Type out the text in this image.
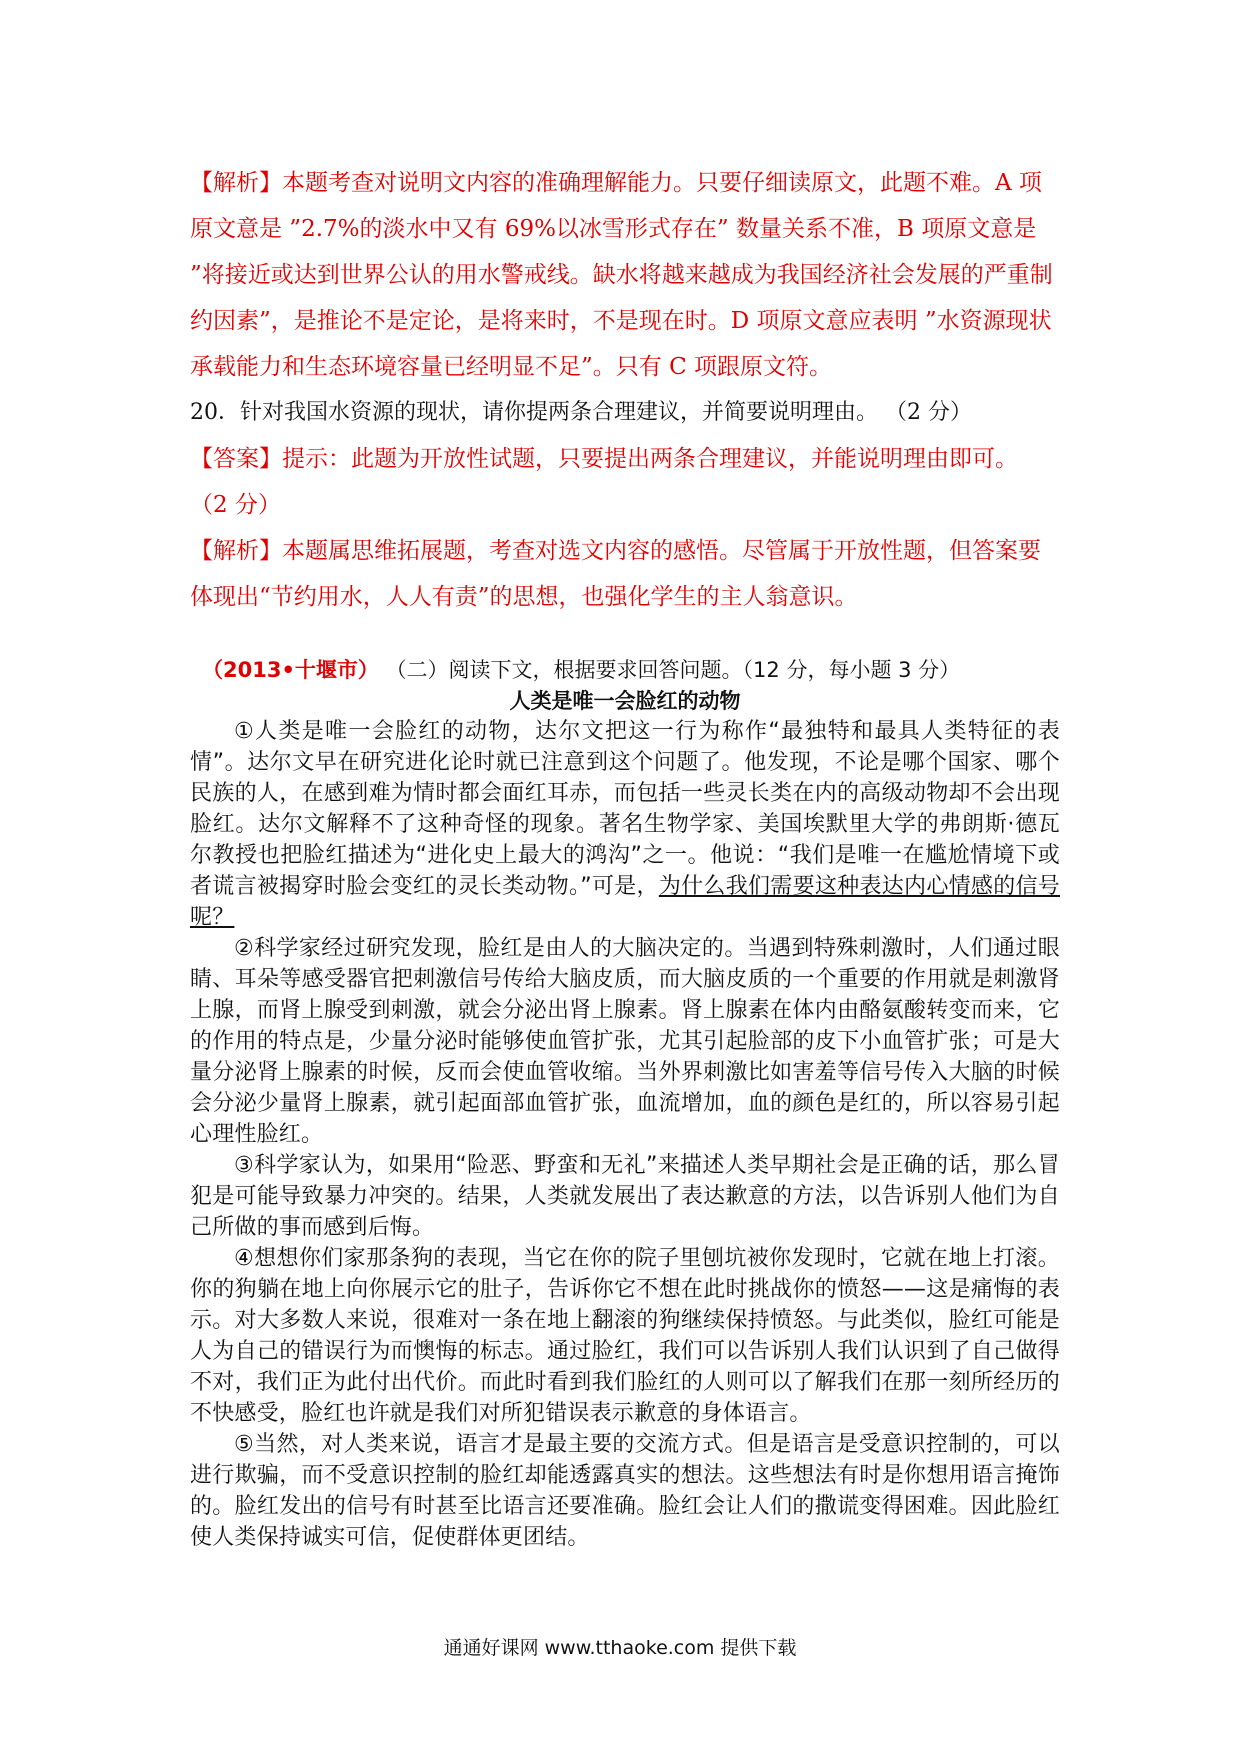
【解析】本题考查对说明文内容的准确理解能力。只要仔细读原文，此题不难。A 项原文意是 ”2.7%的淡水中又有 69%以冰雪形式存在” 数量关系不准，B 项原文意是 ”将接近或达到世界公认的用水警戒线。缺水将越来越成为我国经济社会发展的严重制约因素”，是推论不是定论，是将来时，不是现在时。D 项原文意应表明 ”水资源现状承载能力和生态环境容量已经明显不足”。只有 C 项跟原文符。

20．针对我国水资源的现状，请你提两条合理建议，并简要说明理由。 （2 分）

【答案】提示：此题为开放性试题，只要提出两条合理建议，并能说明理由即可。 （2 分）

【解析】本题属思维拓展题，考查对选文内容的感悟。尽管属于开放性题，但答案要体现出“节约用水，人人有责”的思想，也强化学生的主人翁意识。

（2013•十堰市） （二）阅读下文，根据要求回答问题。（12 分，每小题 3 分）

人类是唯一会脸红的动物

①人类是唯一会脸红的动物，达尔文把这一行为称作“最独特和最具人类特征的表情”。达尔文早在研究进化论时就已注意到这个问题了。他发现，不论是哪个国家、哪个民族的人，在感到难为情时都会面红耳赤，而包括一些灵长类在内的高级动物却不会出现脸红。达尔文解释不了这种奇怪的现象。著名生物学家、美国埃默里大学的弗朗斯·德瓦尔教授也把脸红描述为“进化史上最大的鸿沟”之一。他说：“我们是唯一在尴尬情境下或者谎言被揭穿时脸会变红的灵长类动物。”可是，为什么我们需要这种表达内心情感的信号呢？

②科学家经过研究发现，脸红是由人的大脑决定的。当遇到特殊刺激时，人们通过眼睛、耳朵等感受器官把刺激信号传给大脑皮质，而大脑皮质的一个重要的作用就是刺激肾上腺，而肾上腺受到刺激，就会分泌出肾上腺素。肾上腺素在体内由酪氨酸转变而来，它的作用的特点是，少量分泌时能够使血管扩张，尤其引起脸部的皮下小血管扩张；可是大量分泌肾上腺素的时候，反而会使血管收缩。当外界刺激比如害羞等信号传入大脑的时候会分泌少量肾上腺素，就引起面部血管扩张，血流增加，血的颜色是红的，所以容易引起心理性脸红。

③科学家认为，如果用“险恶、野蛮和无礼”来描述人类早期社会是正确的话，那么冒犯是可能导致暴力冲突的。结果，人类就发展出了表达歉意的方法，以告诉别人他们为自己所做的事而感到后悔。

④想想你们家那条狗的表现，当它在你的院子里刨坑被你发现时，它就在地上打滚。你的狗躺在地上向你展示它的肚子，告诉你它不想在此时挑战你的愤怒——这是痛悔的表示。对大多数人来说，很难对一条在地上翻滚的狗继续保持愤怒。与此类似，脸红可能是人为自己的错误行为而懊悔的标志。通过脸红，我们可以告诉别人我们认识到了自己做得不对，我们正为此付出代价。而此时看到我们脸红的人则可以了解我们在那一刻所经历的不快感受，脸红也许就是我们对所犯错误表示歉意的身体语言。

⑤当然，对人类来说，语言才是最主要的交流方式。但是语言是受意识控制的，可以进行欺骗，而不受意识控制的脸红却能透露真实的想法。这些想法有时是你想用语言掩饰的。脸红发出的信号有时甚至比语言还要准确。脸红会让人们的撒谎变得困难。因此脸红使人类保持诚实可信，促使群体更团结。

通通好课网 www.tthaoke.com 提供下载
